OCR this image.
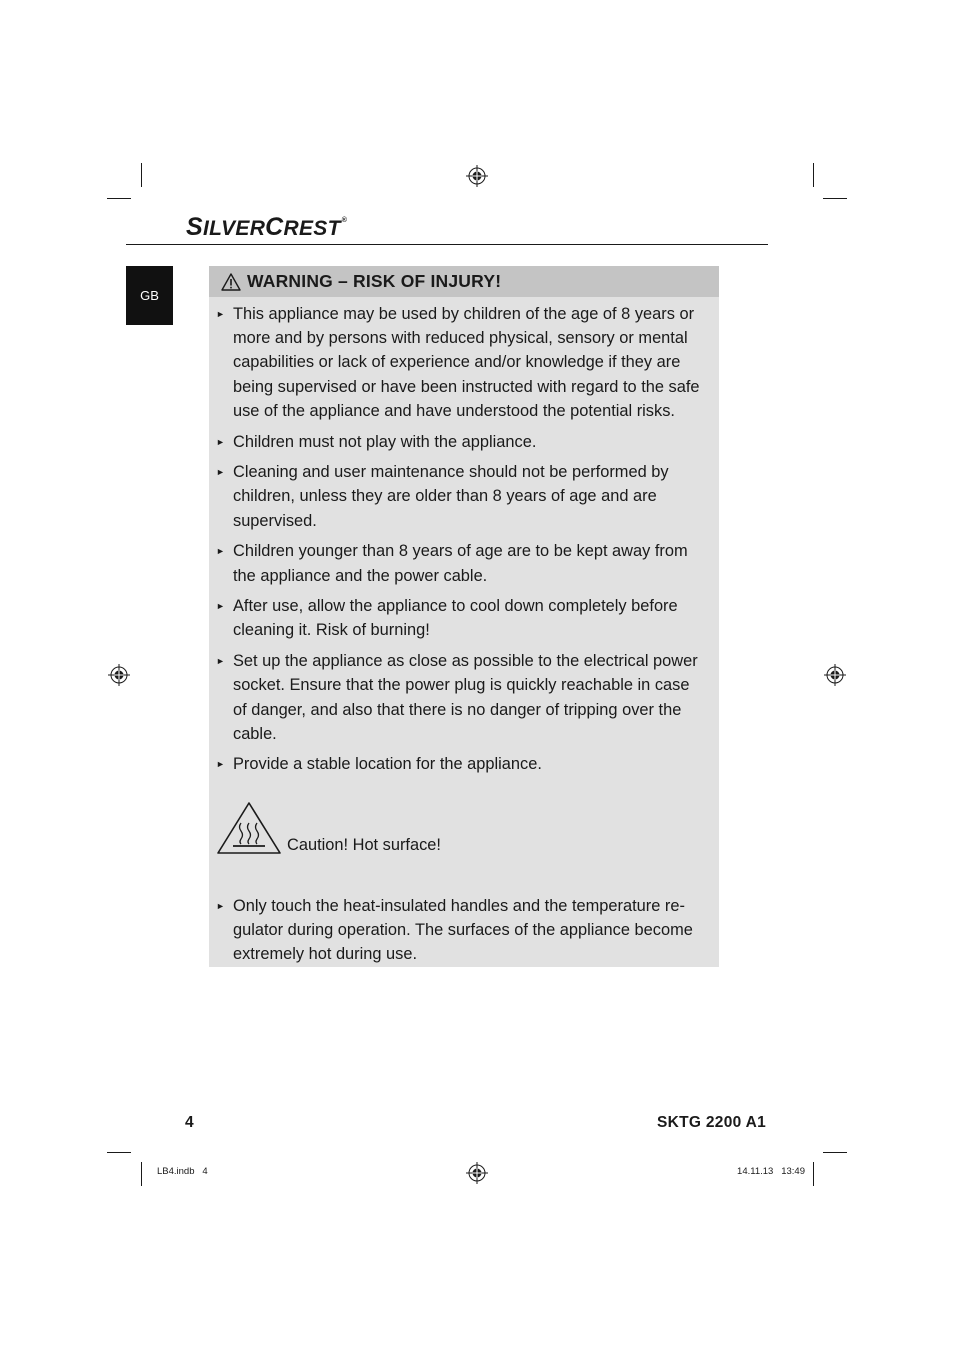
SILVERCREST®
GB
WARNING – RISK OF INJURY!
► This appliance may be used by children of the age of 8 years or more and by persons with reduced physical, sensory or mental capabilities or lack of experience and/or knowledge if they are being supervised or have been instructed with regard to the safe use of the appliance and have understood the potential risks.
► Children must not play with the appliance.
► Cleaning and user maintenance should not be performed by children, unless they are older than 8 years of age and are supervised.
► Children younger than 8 years of age are to be kept away from the appliance and the power cable.
► After use, allow the appliance to cool down completely before cleaning it. Risk of burning!
► Set up the appliance as close as possible to the electrical power socket. Ensure that the power plug is quickly reachable in case of danger, and also that there is no danger of tripping over the cable.
► Provide a stable location for the appliance.
Caution! Hot surface!
► Only touch the heat-insulated handles and the temperature re-gulator during operation. The surfaces of the appliance become extremely hot during use.
4	SKTG 2200 A1
LB4.indb   4	14.11.13   13:49
